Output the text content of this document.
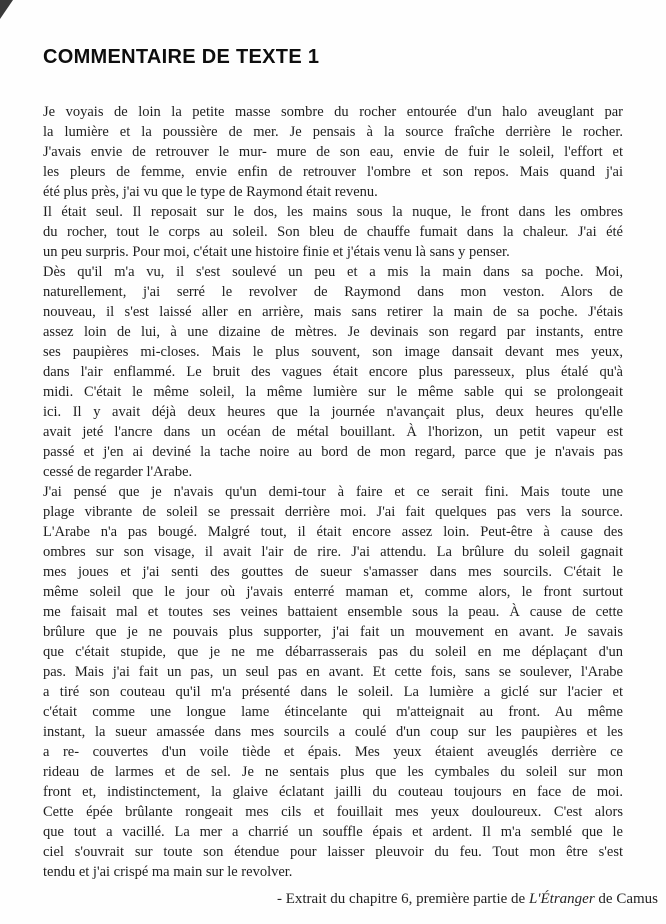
COMMENTAIRE DE TEXTE 1
Je voyais de loin la petite masse sombre du rocher entourée d'un halo aveuglant par
la lumière et la poussière de mer. Je pensais à la source fraîche derrière le rocher.
J'avais envie de retrouver le mur- mure de son eau, envie de fuir le soleil, l'effort et
les pleurs de femme, envie enfin de retrouver l'ombre et son repos. Mais quand j'ai
été plus près, j'ai vu que le type de Raymond était revenu.
Il était seul. Il reposait sur le dos, les mains sous la nuque, le front dans les ombres
du rocher, tout le corps au soleil. Son bleu de chauffe fumait dans la chaleur. J'ai été
un peu surpris. Pour moi, c'était une histoire finie et j'étais venu là sans y penser.
Dès qu'il m'a vu, il s'est soulevé un peu et a mis la main dans sa poche. Moi,
naturellement, j'ai serré le revolver de Raymond dans mon veston. Alors de
nouveau, il s'est laissé aller en arrière, mais sans retirer la main de sa poche. J'étais
assez loin de lui, à une dizaine de mètres. Je devinais son regard par instants, entre
ses paupières mi-closes. Mais le plus souvent, son image dansait devant mes yeux,
dans l'air enflammé. Le bruit des vagues était encore plus paresseux, plus étalé qu'à
midi. C'était le même soleil, la même lumière sur le même sable qui se prolongeait
ici. Il y avait déjà deux heures que la journée n'avançait plus, deux heures qu'elle
avait jeté l'ancre dans un océan de métal bouillant. À l'horizon, un petit vapeur est
passé et j'en ai deviné la tache noire au bord de mon regard, parce que je n'avais pas
cessé de regarder l'Arabe.
J'ai pensé que je n'avais qu'un demi-tour à faire et ce serait fini. Mais toute une
plage vibrante de soleil se pressait derrière moi. J'ai fait quelques pas vers la source.
L'Arabe n'a pas bougé. Malgré tout, il était encore assez loin. Peut-être à cause des
ombres sur son visage, il avait l'air de rire. J'ai attendu. La brûlure du soleil gagnait
mes joues et j'ai senti des gouttes de sueur s'amasser dans mes sourcils. C'était le
même soleil que le jour où j'avais enterré maman et, comme alors, le front surtout
me faisait mal et toutes ses veines battaient ensemble sous la peau. À cause de cette
brûlure que je ne pouvais plus supporter, j'ai fait un mouvement en avant. Je savais
que c'était stupide, que je ne me débarrasserais pas du soleil en me déplaçant d'un
pas. Mais j'ai fait un pas, un seul pas en avant. Et cette fois, sans se soulever, l'Arabe
a tiré son couteau qu'il m'a présenté dans le soleil. La lumière a giclé sur l'acier et
c'était comme une longue lame étincelante qui m'atteignait au front. Au même
instant, la sueur amassée dans mes sourcils a coulé d'un coup sur les paupières et les
a re- couvertes d'un voile tiède et épais. Mes yeux étaient aveuglés derrière ce
rideau de larmes et de sel. Je ne sentais plus que les cymbales du soleil sur mon
front et, indistinctement, la glaive éclatant jailli du couteau toujours en face de moi.
Cette épée brûlante rongeait mes cils et fouillait mes yeux douloureux. C'est alors
que tout a vacillé. La mer a charrié un souffle épais et ardent. Il m'a semblé que le
ciel s'ouvrait sur toute son étendue pour laisser pleuvoir du feu. Tout mon être s'est
tendu et j'ai crispé ma main sur le revolver.
- Extrait du chapitre 6, première partie de L'Étranger de Camus
